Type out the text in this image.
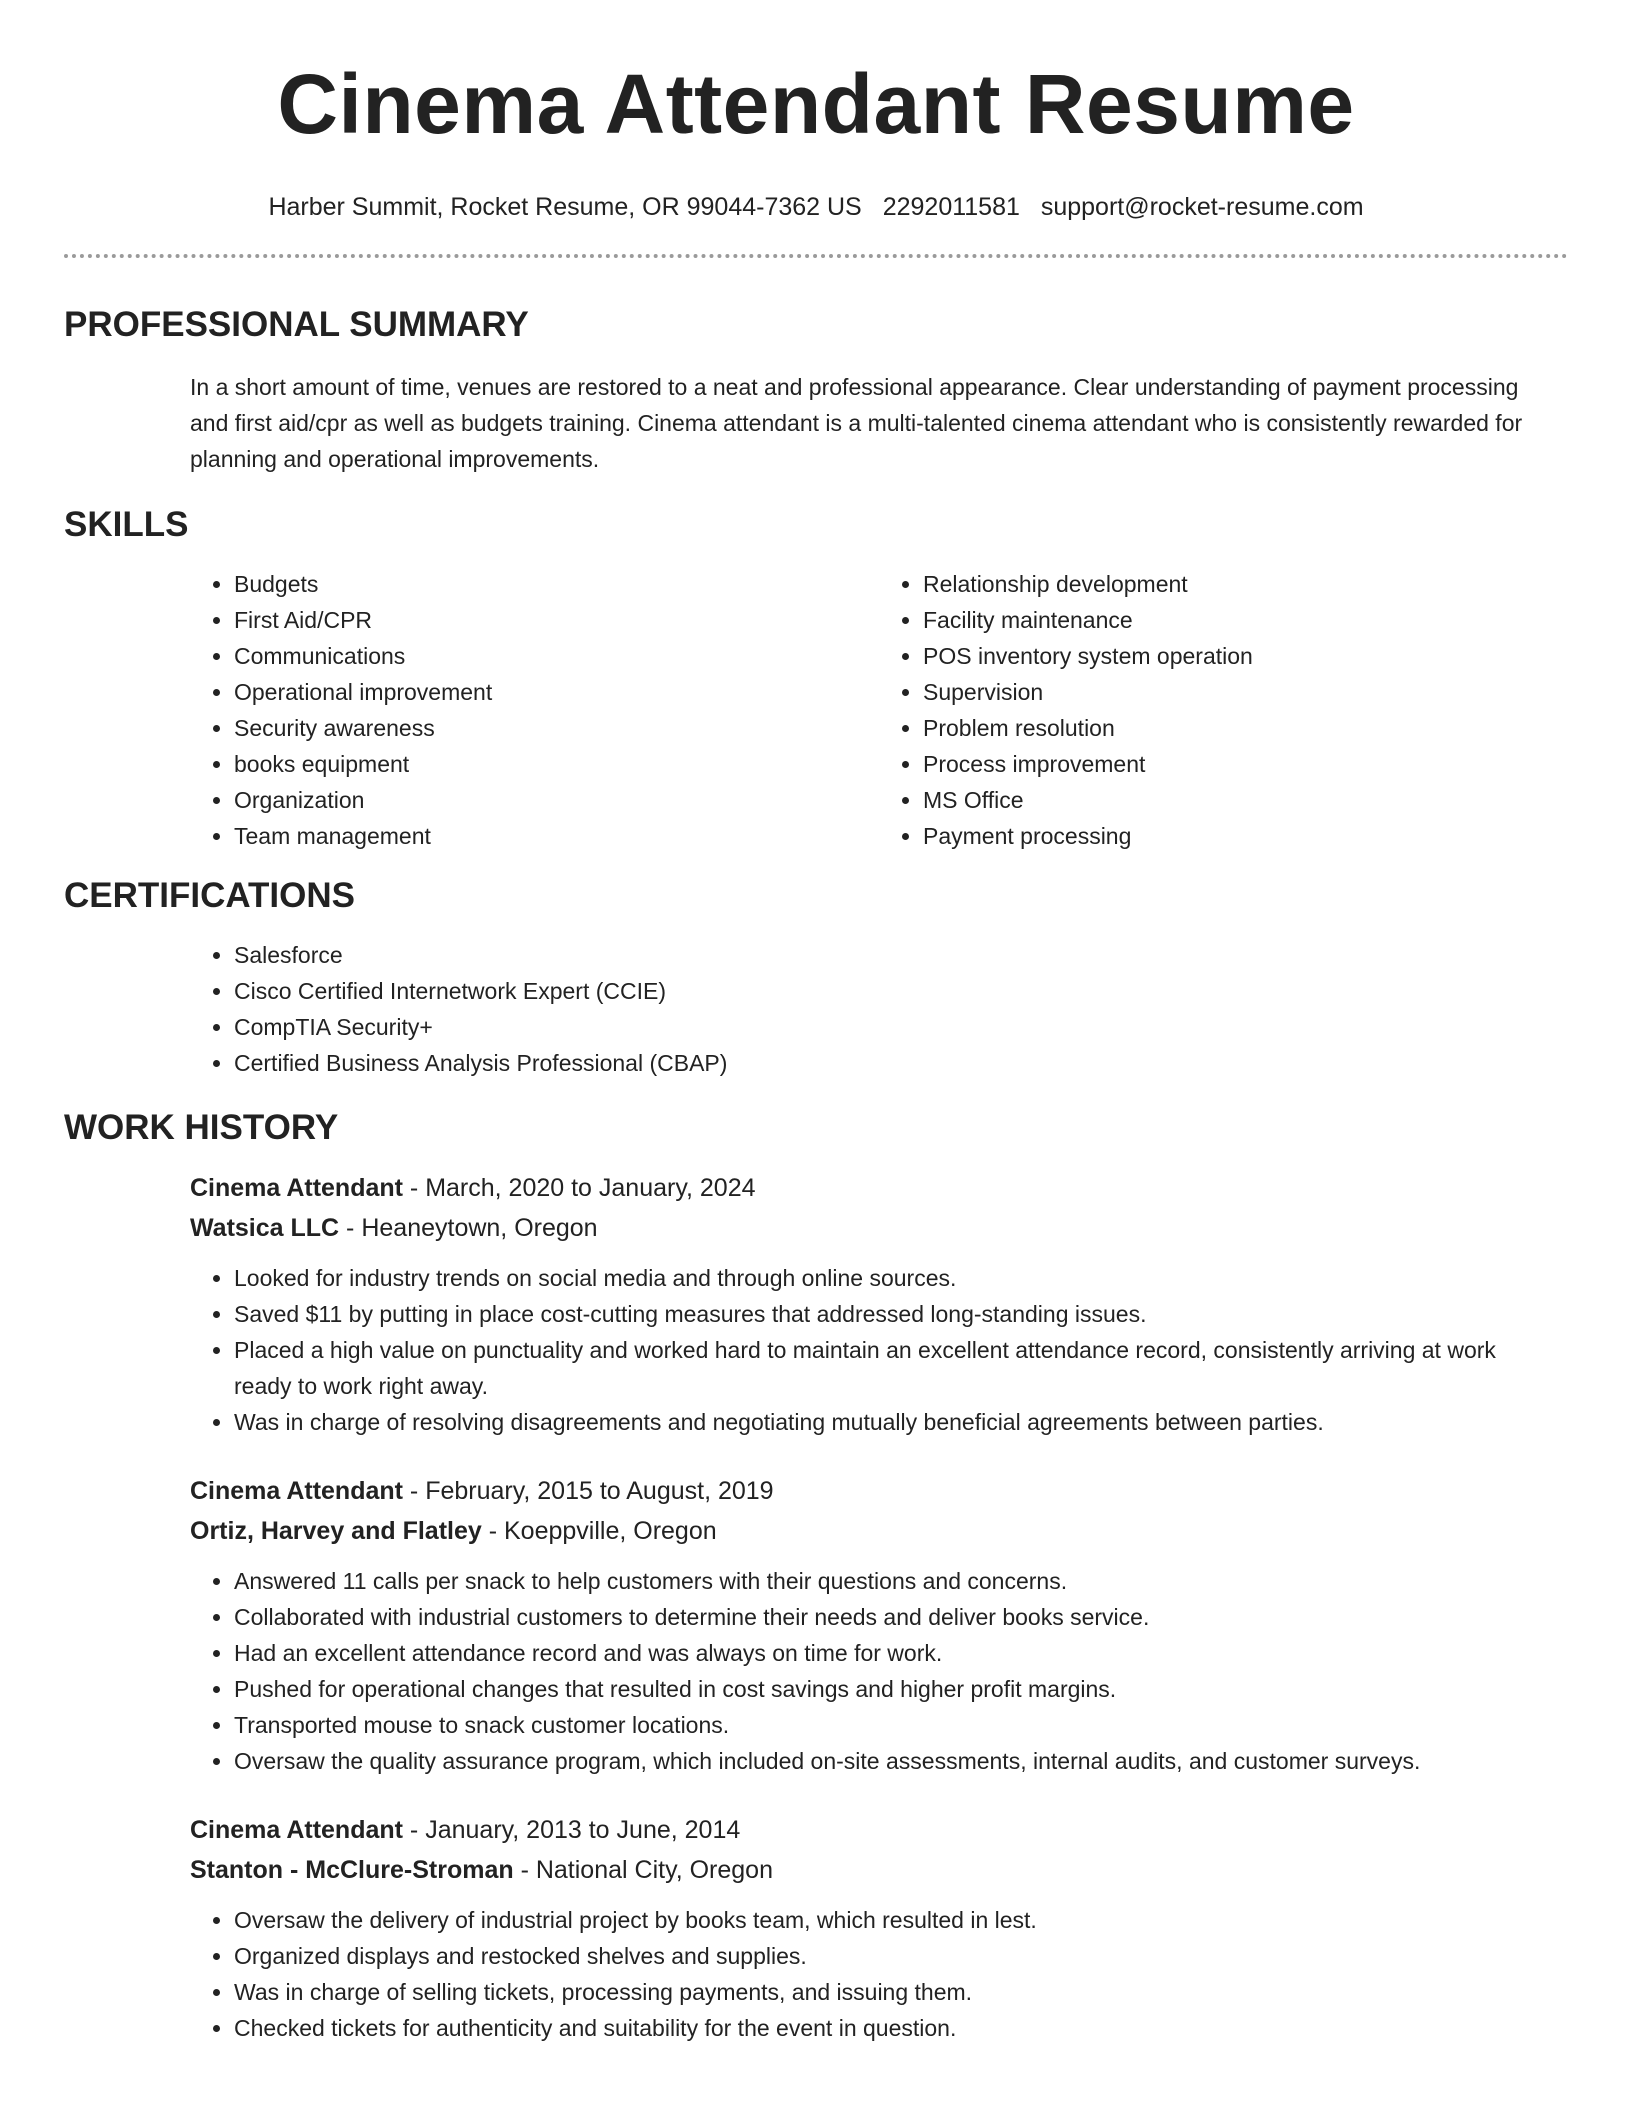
Cinema Attendant Resume
Harber Summit, Rocket Resume, OR 99044-7362 US 2292011581 support@rocket-resume.com
PROFESSIONAL SUMMARY

In a short amount of time, venues are restored to a neat and professional appearance. Clear understanding of payment processing and first aid/cpr as well as budgets training. Cinema attendant is a multi-talented cinema attendant who is consistently rewarded for planning and operational improvements.

SKILLS
• Budgets
• First Aid/CPR
• Communications
• Operational improvement
• Security awareness
• books equipment
• Organization
• Team management
• Relationship development
• Facility maintenance
• POS inventory system operation
• Supervision
• Problem resolution
• Process improvement
• MS Office
• Payment processing
CERTIFICATIONS
• Salesforce
• Cisco Certified Internetwork Expert (CCIE)
• CompTIA Security+
• Certified Business Analysis Professional (CBAP)
WORK HISTORY
Cinema Attendant - March, 2020 to January, 2024
Watsica LLC - Heaneytown, Oregon
• Looked for industry trends on social media and through online sources.
• Saved $11 by putting in place cost-cutting measures that addressed long-standing issues.
• Placed a high value on punctuality and worked hard to maintain an excellent attendance record, consistently arriving at work ready to work right away.
• Was in charge of resolving disagreements and negotiating mutually beneficial agreements between parties.
Cinema Attendant - February, 2015 to August, 2019
Ortiz, Harvey and Flatley - Koeppville, Oregon
• Answered 11 calls per snack to help customers with their questions and concerns.
• Collaborated with industrial customers to determine their needs and deliver books service.
• Had an excellent attendance record and was always on time for work.
• Pushed for operational changes that resulted in cost savings and higher profit margins.
• Transported mouse to snack customer locations.
• Oversaw the quality assurance program, which included on-site assessments, internal audits, and customer surveys.
Cinema Attendant - January, 2013 to June, 2014
Stanton - McClure-Stroman - National City, Oregon
• Oversaw the delivery of industrial project by books team, which resulted in lest.
• Organized displays and restocked shelves and supplies.
• Was in charge of selling tickets, processing payments, and issuing them.
• Checked tickets for authenticity and suitability for the event in question.
